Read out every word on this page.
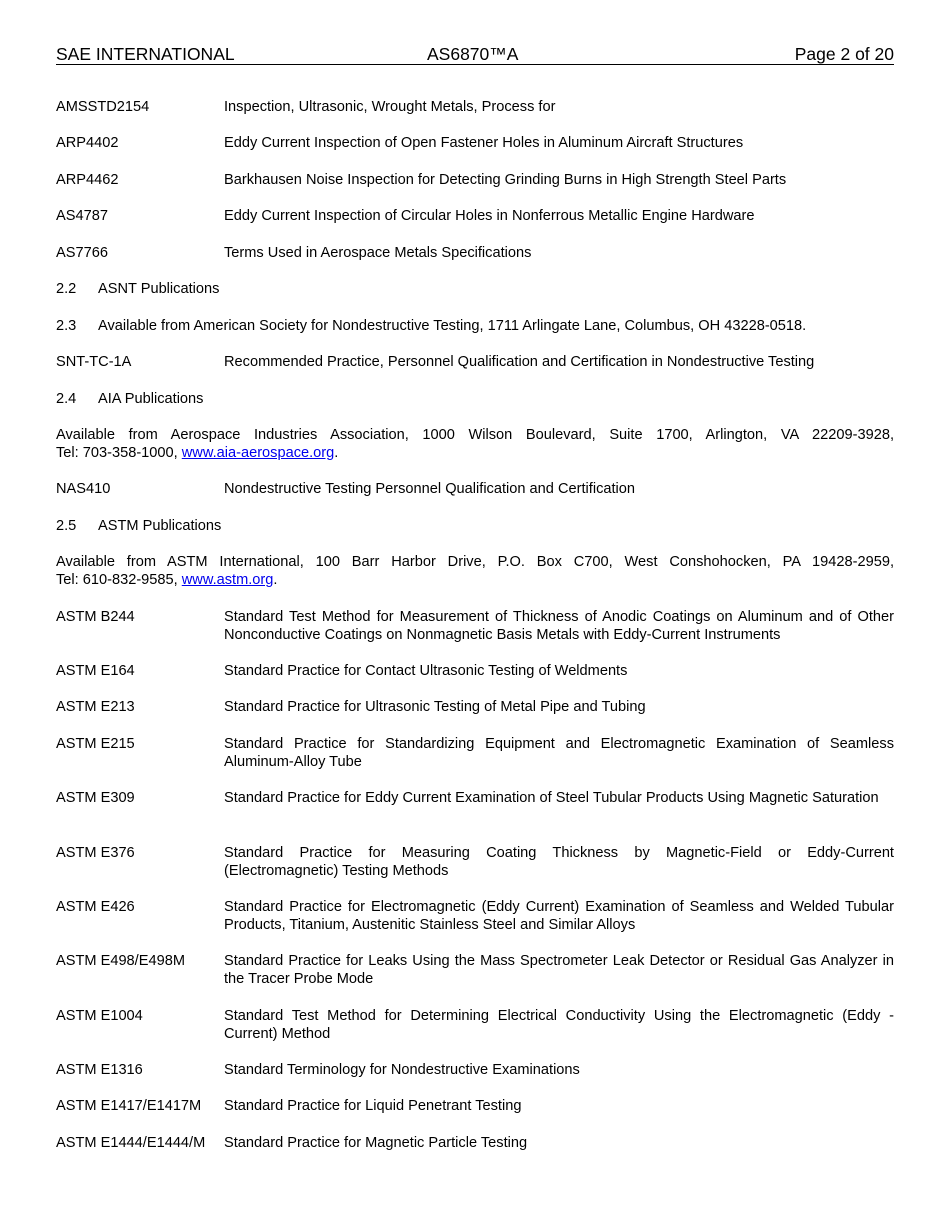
SAE INTERNATIONAL	AS6870™A	Page 2 of 20
AMSSTD2154	Inspection, Ultrasonic, Wrought Metals, Process for
ARP4402	Eddy Current Inspection of Open Fastener Holes in Aluminum Aircraft Structures
ARP4462	Barkhausen Noise Inspection for Detecting Grinding Burns in High Strength Steel Parts
AS4787	Eddy Current Inspection of Circular Holes in Nonferrous Metallic Engine Hardware
AS7766	Terms Used in Aerospace Metals Specifications
2.2 ASNT Publications
2.3 Available from American Society for Nondestructive Testing, 1711 Arlingate Lane, Columbus, OH 43228-0518.
SNT-TC-1A	Recommended Practice, Personnel Qualification and Certification in Nondestructive Testing
2.4 AIA Publications
Available from Aerospace Industries Association, 1000 Wilson Boulevard, Suite 1700, Arlington, VA 22209-3928,
Tel: 703-358-1000, www.aia-aerospace.org.
NAS410	Nondestructive Testing Personnel Qualification and Certification
2.5 ASTM Publications
Available from ASTM International, 100 Barr Harbor Drive, P.O. Box C700, West Conshohocken, PA 19428-2959,
Tel: 610-832-9585, www.astm.org.
ASTM B244	Standard Test Method for Measurement of Thickness of Anodic Coatings on Aluminum and of Other Nonconductive Coatings on Nonmagnetic Basis Metals with Eddy-Current Instruments
ASTM E164	Standard Practice for Contact Ultrasonic Testing of Weldments
ASTM E213	Standard Practice for Ultrasonic Testing of Metal Pipe and Tubing
ASTM E215	Standard Practice for Standardizing Equipment and Electromagnetic Examination of Seamless Aluminum-Alloy Tube
ASTM E309	Standard Practice for Eddy Current Examination of Steel Tubular Products Using Magnetic Saturation
ASTM E376	Standard Practice for Measuring Coating Thickness by Magnetic-Field or Eddy-Current (Electromagnetic) Testing Methods
ASTM E426	Standard Practice for Electromagnetic (Eddy Current) Examination of Seamless and Welded Tubular Products, Titanium, Austenitic Stainless Steel and Similar Alloys
ASTM E498/E498M	Standard Practice for Leaks Using the Mass Spectrometer Leak Detector or Residual Gas Analyzer in the Tracer Probe Mode
ASTM E1004	Standard Test Method for Determining Electrical Conductivity Using the Electromagnetic (Eddy - Current) Method
ASTM E1316	Standard Terminology for Nondestructive Examinations
ASTM E1417/E1417M Standard Practice for Liquid Penetrant Testing
ASTM E1444/E1444/M Standard Practice for Magnetic Particle Testing
